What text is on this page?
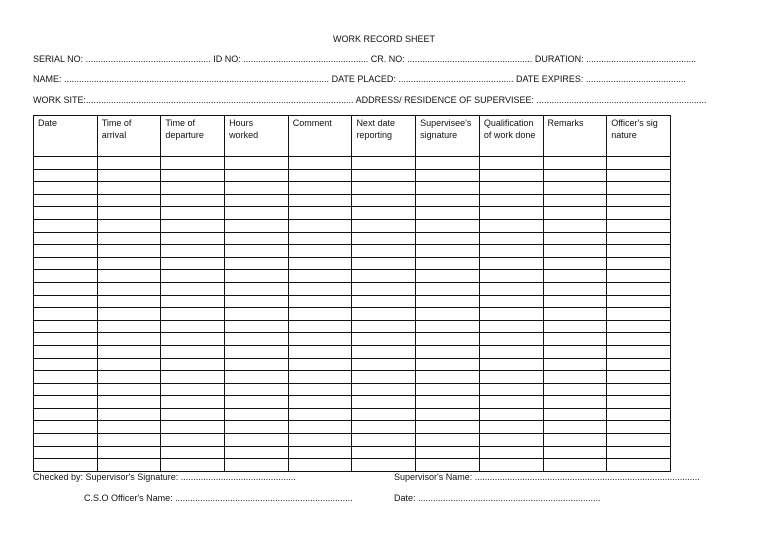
WORK RECORD SHEET
SERIAL NO: .................................................. ID NO: .................................................. CR. NO: .................................................. DURATION: ............................................
NAME: .......................................................................................................... DATE PLACED: .............................................. DATE EXPIRES: ........................................
WORK SITE:........................................................................................................... ADDRESS/ RESIDENCE OF SUPERVISEE: ....................................................................
Date	Time of arrival	Time of departure	Hours worked	Comment	Next date reporting	Supervisee's signature	Qualification of work done	Remarks	Officer's sig nature

Checked by: Supervisor's Signature: ..............................................	Supervisor's Name: ..........................................................................................
C.S.O Officer's Name: .......................................................................	Date: .........................................................................
